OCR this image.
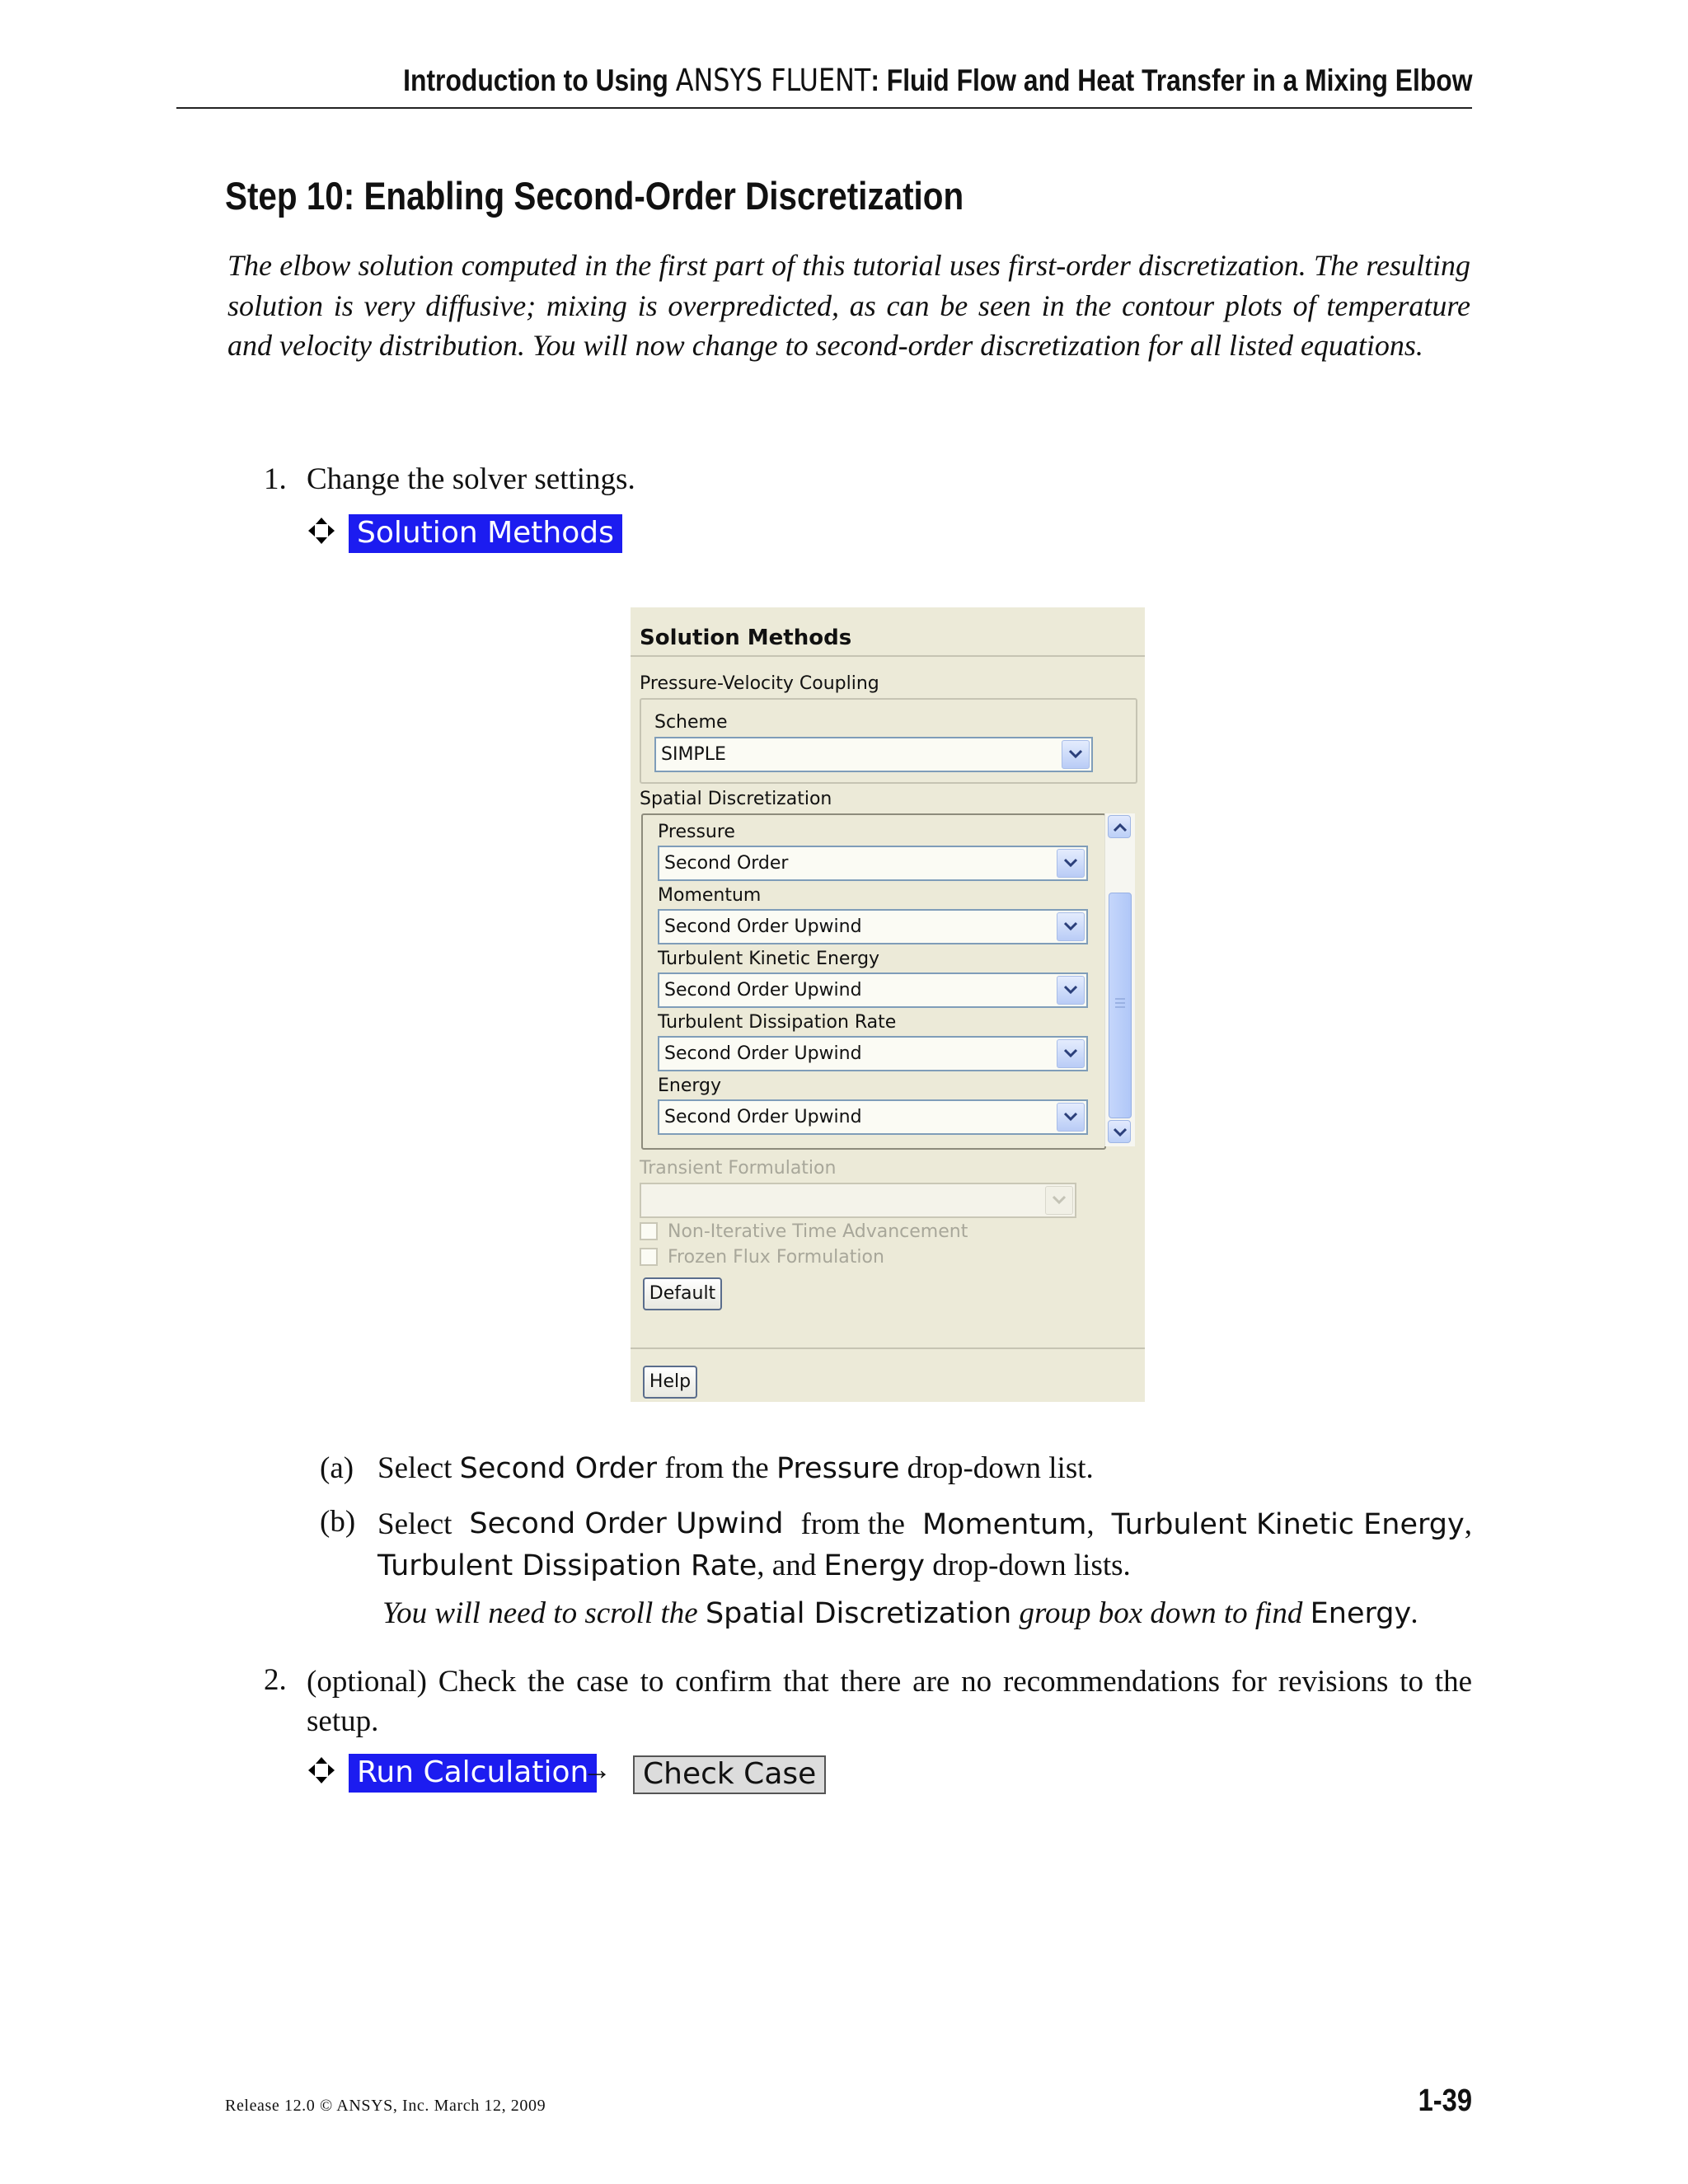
Introduction to Using ANSYS FLUENT: Fluid Flow and Heat Transfer in a Mixing Elbow
Step 10: Enabling Second-Order Discretization
The elbow solution computed in the first part of this tutorial uses first-order discretization. The resulting solution is very diffusive; mixing is overpredicted, as can be seen in the contour plots of temperature and velocity distribution. You will now change to second-order discretization for all listed equations.
1. Change the solver settings.
Solution Methods
Solution Methods
Pressure-Velocity Coupling
Scheme
SIMPLE
Spatial Discretization
Pressure
Second Order
Momentum
Second Order Upwind
Turbulent Kinetic Energy
Second Order Upwind
Turbulent Dissipation Rate
Second Order Upwind
Energy
Second Order Upwind
Transient Formulation
Non-Iterative Time Advancement
Frozen Flux Formulation
Default
Help
(a) Select Second Order from the Pressure drop-down list.
(b) Select Second Order Upwind from the Momentum, Turbulent Kinetic Energy,
Turbulent Dissipation Rate, and Energy drop-down lists.
You will need to scroll the Spatial Discretization group box down to find Energy.
2. (optional) Check the case to confirm that there are no recommendations for revisions to the setup.
Run Calculation
→	Check Case
Release 12.0 © ANSYS, Inc. March 12, 2009	1-39
